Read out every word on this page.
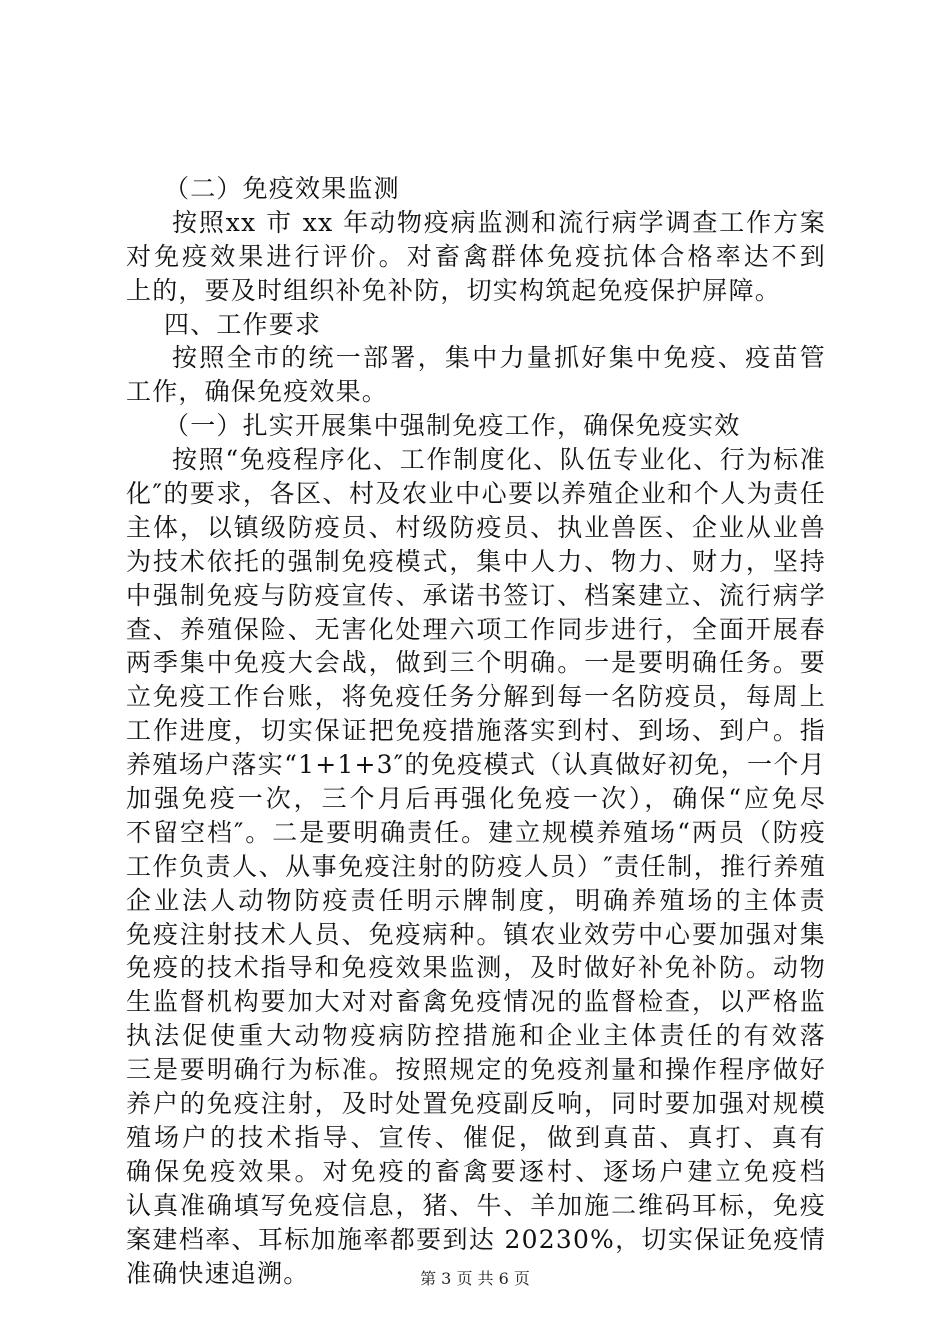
（二）免疫效果监测
按照xx 市 xx 年动物疫病监测和流行病学调查工作方案
对免疫效果进行评价。对畜禽群体免疫抗体合格率达不到
上的，要及时组织补免补防，切实构筑起免疫保护屏障。
四、工作要求
按照全市的统一部署，集中力量抓好集中免疫、疫苗管
工作，确保免疫效果。
（一）扎实开展集中强制免疫工作，确保免疫实效
按照“免疫程序化、工作制度化、队伍专业化、行为标准
化″的要求，各区、村及农业中心要以养殖企业和个人为责任
主体，以镇级防疫员、村级防疫员、执业兽医、企业从业兽
为技术依托的强制免疫模式，集中人力、物力、财力，坚持
中强制免疫与防疫宣传、承诺书签订、档案建立、流行病学
查、养殖保险、无害化处理六项工作同步进行，全面开展春
两季集中免疫大会战，做到三个明确。一是要明确任务。要
立免疫工作台账，将免疫任务分解到每一名防疫员，每周上
工作进度，切实保证把免疫措施落实到村、到场、到户。指
养殖场户落实“1+1+3″的免疫模式（认真做好初免，一个月
加强免疫一次，三个月后再强化免疫一次），确保“应免尽
不留空档″。二是要明确责任。建立规模养殖场“两员（防疫
工作负责人、从事免疫注射的防疫人员）″责任制，推行养殖
企业法人动物防疫责任明示牌制度，明确养殖场的主体责
免疫注射技术人员、免疫病种。镇农业效劳中心要加强对集
免疫的技术指导和免疫效果监测，及时做好补免补防。动物
生监督机构要加大对对畜禽免疫情况的监督检查，以严格监
执法促使重大动物疫病防控措施和企业主体责任的有效落
三是要明确行为标准。按照规定的免疫剂量和操作程序做好
养户的免疫注射，及时处置免疫副反响，同时要加强对规模
殖场户的技术指导、宣传、催促，做到真苗、真打、真有
确保免疫效果。对免疫的畜禽要逐村、逐场户建立免疫档
认真准确填写免疫信息，猪、牛、羊加施二维码耳标，免疫
案建档率、耳标加施率都要到达 20230%，切实保证免疫情
准确快速追溯。	第 3 页 共 6 页
